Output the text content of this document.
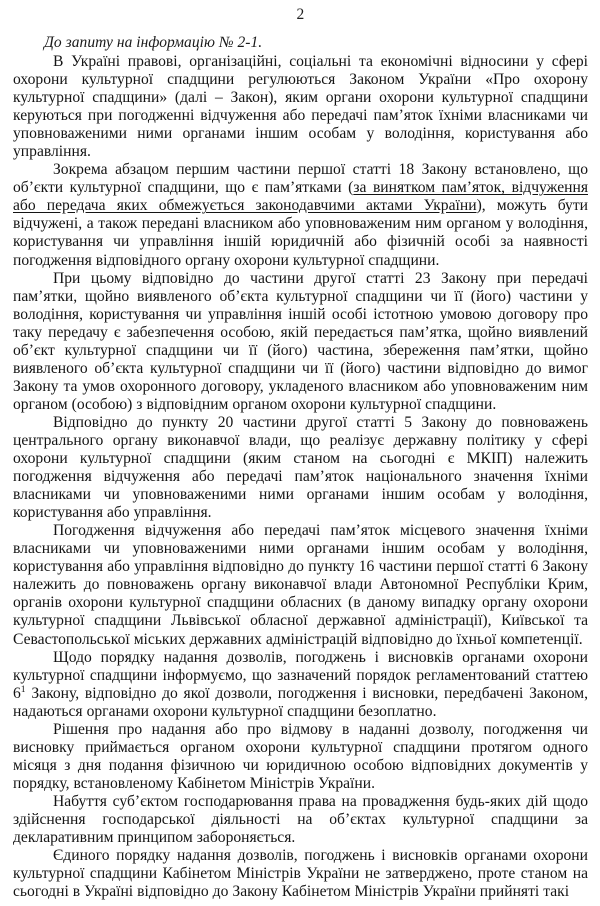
2
До запиту на інформацію № 2-1.

В Україні правові, організаційні, соціальні та економічні відносини у сфері охорони культурної спадщини регулюються Законом України «Про охорону культурної спадщини» (далі – Закон), яким органи охорони культурної спадщини керуються при погодженні відчуження або передачі пам’яток їхніми власниками чи уповноваженими ними органами іншим особам у володіння, користування або управління.

Зокрема абзацом першим частини першої статті 18 Закону встановлено, що об’єкти культурної спадщини, що є пам’ятками (за винятком пам’яток, відчуження або передача яких обмежується законодавчими актами України), можуть бути відчужені, а також передані власником або уповноваженим ним органом у володіння, користування чи управління іншій юридичній або фізичній особі за наявності погодження відповідного органу охорони культурної спадщини.

При цьому відповідно до частини другої статті 23 Закону при передачі пам’ятки, щойно виявленого об’єкта культурної спадщини чи її (його) частини у володіння, користування чи управління іншій особі істотною умовою договору про таку передачу є забезпечення особою, якій передається пам’ятка, щойно виявлений об’єкт культурної спадщини чи її (його) частина, збереження пам’ятки, щойно виявленого об’єкта культурної спадщини чи її (його) частини відповідно до вимог Закону та умов охоронного договору, укладеного власником або уповноваженим ним органом (особою) з відповідним органом охорони культурної спадщини.

Відповідно до пункту 20 частини другої статті 5 Закону до повноважень центрального органу виконавчої влади, що реалізує державну політику у сфері охорони культурної спадщини (яким станом на сьогодні є МКІП) належить погодження відчуження або передачі пам’яток національного значення їхніми власниками чи уповноваженими ними органами іншим особам у володіння, користування або управління.

Погодження відчуження або передачі пам’яток місцевого значення їхніми власниками чи уповноваженими ними органами іншим особам у володіння, користування або управління відповідно до пункту 16 частини першої статті 6 Закону належить до повноважень органу виконавчої влади Автономної Республіки Крим, органів охорони культурної спадщини обласних (в даному випадку органу охорони культурної спадщини Львівської обласної державної адміністрації), Київської та Севастопольської міських державних адміністрацій відповідно до їхньої компетенції.

Щодо порядку надання дозволів, погоджень і висновків органами охорони культурної спадщини інформуємо, що зазначений порядок регламентований статтею $6^1$ Закону, відповідно до якої дозволи, погодження і висновки, передбачені Законом, надаються органами охорони культурної спадщини безоплатно.

Рішення про надання або про відмову в наданні дозволу, погодження чи висновку приймається органом охорони культурної спадщини протягом одного місяця з дня подання фізичною чи юридичною особою відповідних документів у порядку, встановленому Кабінетом Міністрів України.

Набуття суб’єктом господарювання права на провадження будь-яких дій щодо здійснення господарської діяльності на об’єктах культурної спадщини за декларативним принципом забороняється.

Єдиного порядку надання дозволів, погоджень і висновків органами охорони культурної спадщини Кабінетом Міністрів України не затверджено, проте станом на сьогодні в Україні відповідно до Закону Кабінетом Міністрів України прийняті такі
